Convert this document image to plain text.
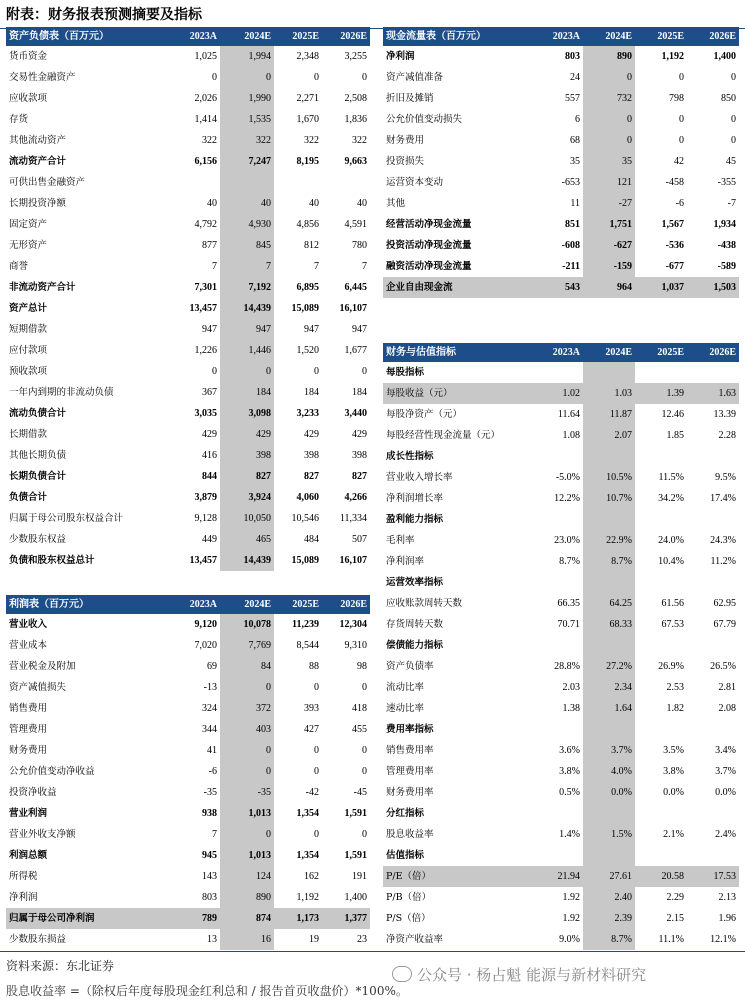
附表：财务报表预测摘要及指标
资产负债表（百万元）	2023A	2024E	2025E	2026E
货币资金	1,025	1,994	2,348	3,255
交易性金融资产	0	0	0	0
应收款项	2,026	1,990	2,271	2,508
存货	1,414	1,535	1,670	1,836
其他流动资产	322	322	322	322
流动资产合计	6,156	7,247	8,195	9,663
可供出售金融资产				
长期投资净额	40	40	40	40
固定资产	4,792	4,930	4,856	4,591
无形资产	877	845	812	780
商誉	7	7	7	7
非流动资产合计	7,301	7,192	6,895	6,445
资产总计	13,457	14,439	15,089	16,107
短期借款	947	947	947	947
应付款项	1,226	1,446	1,520	1,677
预收款项	0	0	0	0
一年内到期的非流动负债	367	184	184	184
流动负债合计	3,035	3,098	3,233	3,440
长期借款	429	429	429	429
其他长期负债	416	398	398	398
长期负债合计	844	827	827	827
负债合计	3,879	3,924	4,060	4,266
归属于母公司股东权益合计	9,128	10,050	10,546	11,334
少数股东权益	449	465	484	507
负债和股东权益总计	13,457	14,439	15,089	16,107
现金流量表（百万元）	2023A	2024E	2025E	2026E
净利润	803	890	1,192	1,400
资产减值准备	24	0	0	0
折旧及摊销	557	732	798	850
公允价值变动损失	6	0	0	0
财务费用	68	0	0	0
投资损失	35	35	42	45
运营资本变动	-653	121	-458	-355
其他	11	-27	-6	-7
经营活动净现金流量	851	1,751	1,567	1,934
投资活动净现金流量	-608	-627	-536	-438
融资活动净现金流量	-211	-159	-677	-589
企业自由现金流	543	964	1,037	1,503
财务与估值指标	2023A	2024E	2025E	2026E
每股指标				
每股收益（元）	1.02	1.03	1.39	1.63
每股净资产（元）	11.64	11.87	12.46	13.39
每股经营性现金流量（元）	1.08	2.07	1.85	2.28
成长性指标				
营业收入增长率	-5.0%	10.5%	11.5%	9.5%
净利润增长率	12.2%	10.7%	34.2%	17.4%
盈利能力指标				
毛利率	23.0%	22.9%	24.0%	24.3%
净利润率	8.7%	8.7%	10.4%	11.2%
运营效率指标				
应收账款周转天数	66.35	64.25	61.56	62.95
存货周转天数	70.71	68.33	67.53	67.79
偿债能力指标				
资产负债率	28.8%	27.2%	26.9%	26.5%
流动比率	2.03	2.34	2.53	2.81
速动比率	1.38	1.64	1.82	2.08
费用率指标				
销售费用率	3.6%	3.7%	3.5%	3.4%
管理费用率	3.8%	4.0%	3.8%	3.7%
财务费用率	0.5%	0.0%	0.0%	0.0%
分红指标				
股息收益率	1.4%	1.5%	2.1%	2.4%
估值指标				
P/E（倍）	21.94	27.61	20.58	17.53
P/B（倍）	1.92	2.40	2.29	2.13
P/S（倍）	1.92	2.39	2.15	1.96
净资产收益率	9.0%	8.7%	11.1%	12.1%
利润表（百万元）	2023A	2024E	2025E	2026E
营业收入	9,120	10,078	11,239	12,304
营业成本	7,020	7,769	8,544	9,310
营业税金及附加	69	84	88	98
资产减值损失	-13	0	0	0
销售费用	324	372	393	418
管理费用	344	403	427	455
财务费用	41	0	0	0
公允价值变动净收益	-6	0	0	0
投资净收益	-35	-35	-42	-45
营业利润	938	1,013	1,354	1,591
营业外收支净额	7	0	0	0
利润总额	945	1,013	1,354	1,591
所得税	143	124	162	191
净利润	803	890	1,192	1,400
归属于母公司净利润	789	874	1,173	1,377
少数股东损益	13	16	19	23
资料来源：东北证券
股息收益率 =（除权后年度每股现金红利总和 / 报告首页收盘价）*100%。
公众号 · 杨占魁 能源与新材料研究
